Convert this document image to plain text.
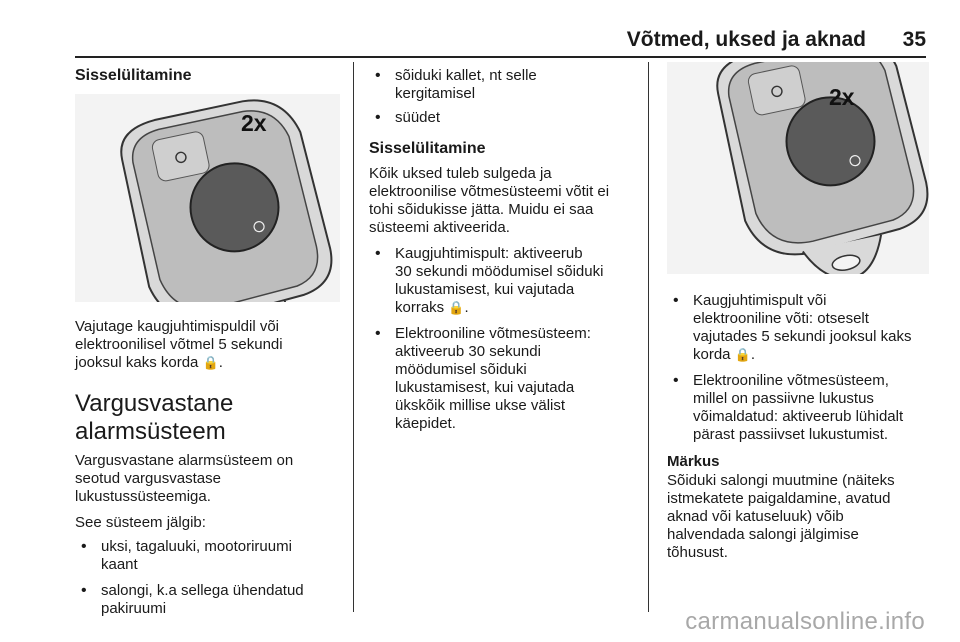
Võtmed, uksed ja aknad 35
Sisselülitamine
2x

Vajutage kaugjuhtimispuldil või
elektroonilisel võtmel 5 sekundi
jooksul kaks korda 🔒.

Vargusvastane
alarmsüsteem

Vargusvastane alarmsüsteem on
seotud vargusvastase
lukustussüsteemiga.

See süsteem jälgib:

• uksi, tagaluuki, mootoriruumi
kaant
• salongi, k.a sellega ühendatud
pakiruumi
• sõiduki kallet, nt selle
kergitamisel
• süüdet
Sisselülitamine

Kõik uksed tuleb sulgeda ja
elektroonilise võtmesüsteemi võtit ei
tohi sõidukisse jätta. Muidu ei saa
süsteemi aktiveerida.

• Kaugjuhtimispult: aktiveerub
30 sekundi möödumisel sõiduki
lukustamisest, kui vajutada
korraks 🔒.
• Elektrooniline võtmesüsteem:
aktiveerub 30 sekundi
möödumisel sõiduki
lukustamisest, kui vajutada
ükskõik millise ukse välist
käepidet.
2x
• Kaugjuhtimispult või
elektrooniline võti: otseselt
vajutades 5 sekundi jooksul kaks
korda 🔒.
• Elektrooniline võtmesüsteem,
millel on passiivne lukustus
võimaldatud: aktiveerub lühidalt
pärast passiivset lukustumist.
Märkus

Sõiduki salongi muutmine (näiteks
istmekatete paigaldamine, avatud
aknad või katuseluuk) võib
halvendada salongi jälgimise
tõhusust.

carmanualsonline.info
